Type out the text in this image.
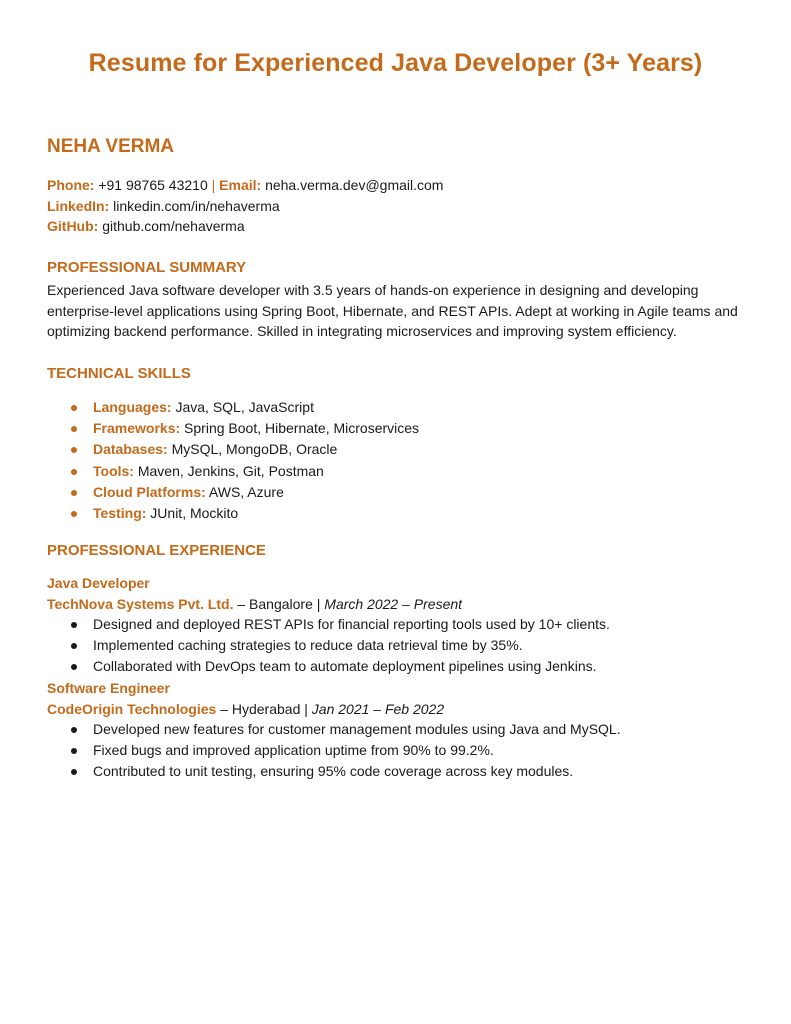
Resume for Experienced Java Developer (3+ Years)
NEHA VERMA
Phone: +91 98765 43210 | Email: neha.verma.dev@gmail.com
LinkedIn: linkedin.com/in/nehaverma
GitHub: github.com/nehaverma
PROFESSIONAL SUMMARY

Experienced Java software developer with 3.5 years of hands-on experience in designing and developing enterprise-level applications using Spring Boot, Hibernate, and REST APIs. Adept at working in Agile teams and optimizing backend performance. Skilled in integrating microservices and improving system efficiency.

TECHNICAL SKILLS
Languages: Java, SQL, JavaScript
Frameworks: Spring Boot, Hibernate, Microservices
Databases: MySQL, MongoDB, Oracle
Tools: Maven, Jenkins, Git, Postman
Cloud Platforms: AWS, Azure
Testing: JUnit, Mockito
PROFESSIONAL EXPERIENCE
Java Developer
TechNova Systems Pvt. Ltd. – Bangalore | March 2022 – Present
Designed and deployed REST APIs for financial reporting tools used by 10+ clients.
Implemented caching strategies to reduce data retrieval time by 35%.
Collaborated with DevOps team to automate deployment pipelines using Jenkins.
Software Engineer
CodeOrigin Technologies – Hyderabad | Jan 2021 – Feb 2022
Developed new features for customer management modules using Java and MySQL.
Fixed bugs and improved application uptime from 90% to 99.2%.
Contributed to unit testing, ensuring 95% code coverage across key modules.
